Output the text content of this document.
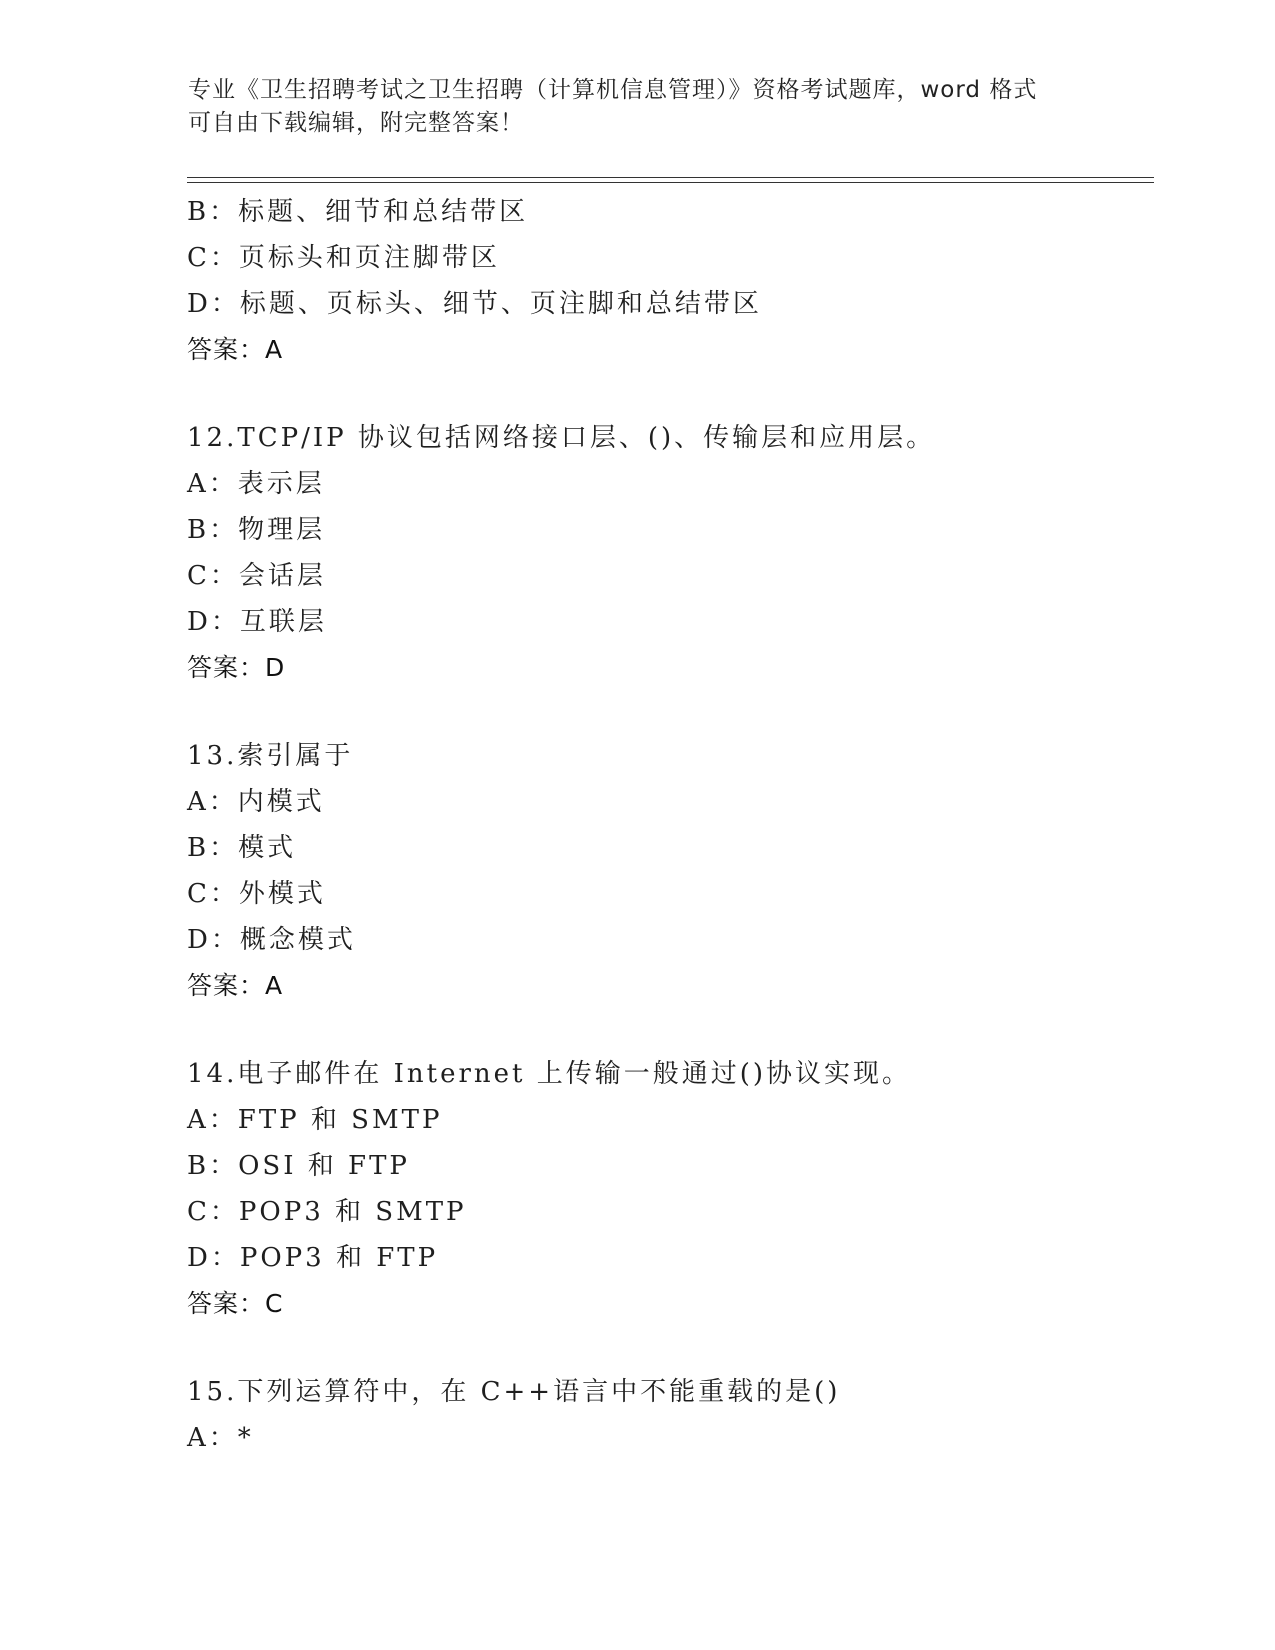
专业《卫生招聘考试之卫生招聘（计算机信息管理）》资格考试题库，word 格式
可自由下载编辑，附完整答案！
B：标题、细节和总结带区
C：页标头和页注脚带区
D：标题、页标头、细节、页注脚和总结带区
答案：A
12.TCP/IP 协议包括网络接口层、()、传输层和应用层。
A：表示层
B：物理层
C：会话层
D：互联层
答案：D
13.索引属于
A：内模式
B：模式
C：外模式
D：概念模式
答案：A
14.电子邮件在 Internet 上传输一般通过()协议实现。
A：FTP 和 SMTP
B：OSI 和 FTP
C：POP3 和 SMTP
D：POP3 和 FTP
答案：C
15.下列运算符中，在 C++语言中不能重载的是()
A：*
